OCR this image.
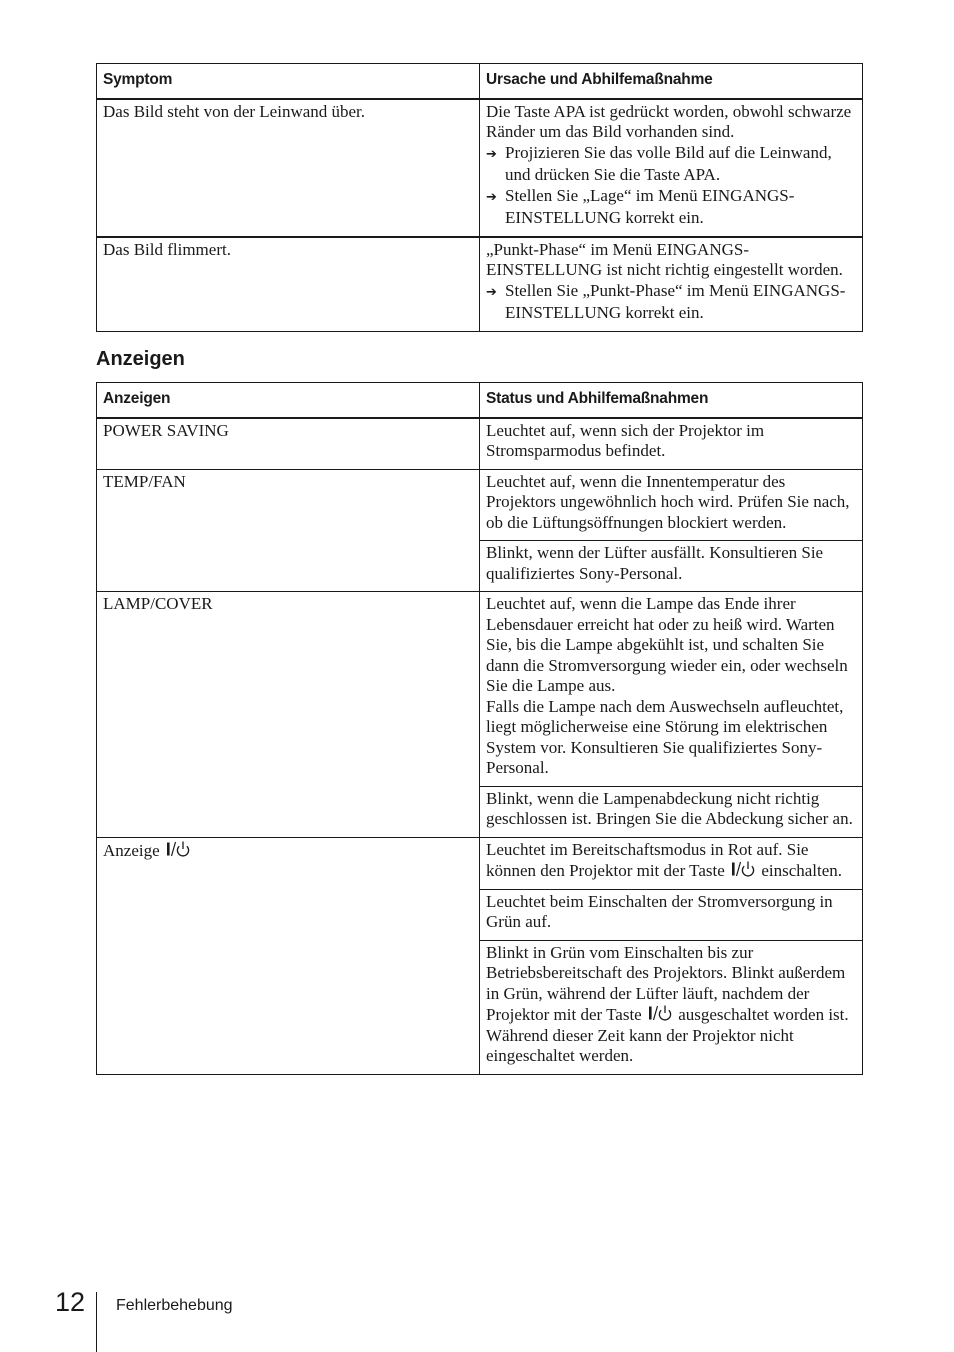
Symptom	Ursache und Abhilfemaßnahme
Das Bild steht von der Leinwand über.	Die Taste APA ist gedrückt worden, obwohl schwarze Ränder um das Bild vorhanden sind.
➔ Projizieren Sie das volle Bild auf die Leinwand, und drücken Sie die Taste APA.
➔ Stellen Sie „Lage“ im Menü EINGANGS-EINSTELLUNG korrekt ein.

Das Bild flimmert.	„Punkt-Phase“ im Menü EINGANGS-EINSTELLUNG ist nicht richtig eingestellt worden.
➔ Stellen Sie „Punkt-Phase“ im Menü EINGANGS-EINSTELLUNG korrekt ein.
Anzeigen
Anzeigen	Status und Abhilfemaßnahmen
POWER SAVING	Leuchtet auf, wenn sich der Projektor im Stromsparmodus befindet.
TEMP/FAN	Leuchtet auf, wenn die Innentemperatur des Projektors ungewöhnlich hoch wird. Prüfen Sie nach, ob die Lüftungsöffnungen blockiert werden.
	Blinkt, wenn der Lüfter ausfällt. Konsultieren Sie qualifiziertes Sony-Personal.
LAMP/COVER	Leuchtet auf, wenn die Lampe das Ende ihrer Lebensdauer erreicht hat oder zu heiß wird. Warten Sie, bis die Lampe abgekühlt ist, und schalten Sie dann die Stromversorgung wieder ein, oder wechseln Sie die Lampe aus.
Falls die Lampe nach dem Auswechseln aufleuchtet, liegt möglicherweise eine Störung im elektrischen System vor. Konsultieren Sie qualifiziertes Sony-Personal.

	Blinkt, wenn die Lampenabdeckung nicht richtig geschlossen ist. Bringen Sie die Abdeckung sicher an.
Anzeige	Leuchtet im Bereitschaftsmodus in Rot auf. Sie können den Projektor mit der Taste einschalten.
	Leuchtet beim Einschalten der Stromversorgung in Grün auf.
	Blinkt in Grün vom Einschalten bis zur Betriebsbereitschaft des Projektors. Blinkt außerdem in Grün, während der Lüfter läuft, nachdem der Projektor mit der Taste ausgeschaltet worden ist. Während dieser Zeit kann der Projektor nicht eingeschaltet werden.
12 Fehlerbehebung
